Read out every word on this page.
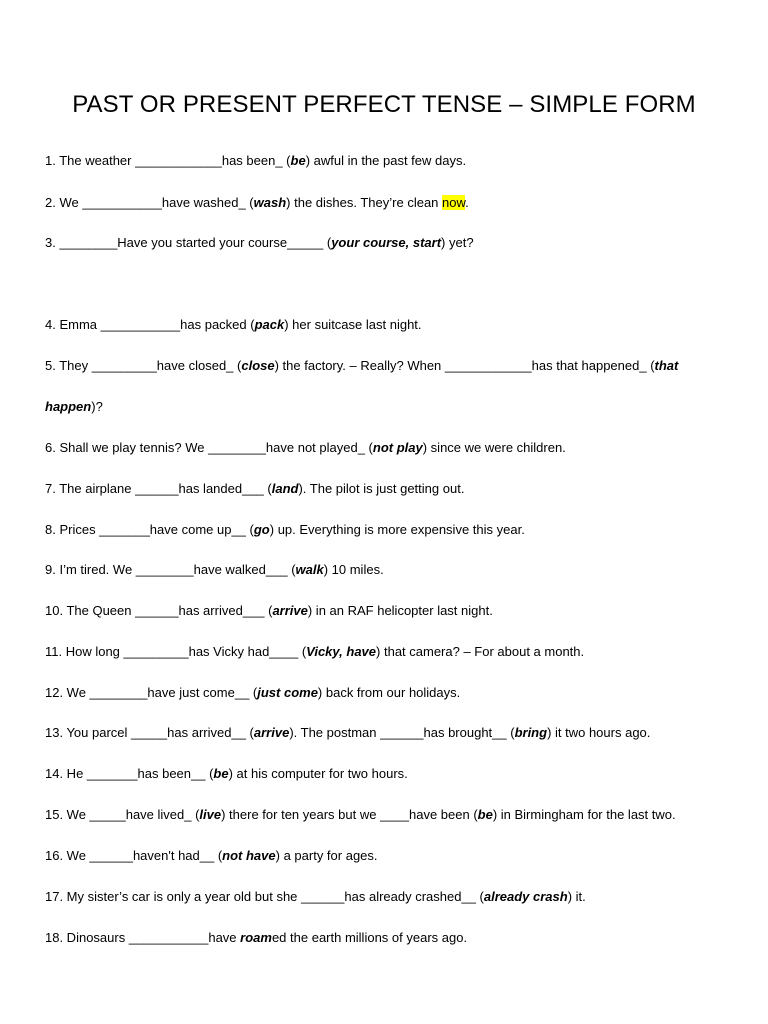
PAST OR PRESENT PERFECT TENSE – SIMPLE FORM
1. The weather ____________has been_ (be) awful in the past few days.
2. We ___________have washed_ (wash) the dishes. They’re clean now.
3. ________Have you started your course_____ (your course, start) yet?
4. Emma ___________has packed (pack) her suitcase last night.
5. They _________have closed_ (close) the factory. – Really? When ____________has that happened_ (that
happen)?
6. Shall we play tennis? We ________have not played_ (not play) since we were children.
7. The airplane ______has landed___ (land). The pilot is just getting out.
8. Prices _______have come up__ (go) up. Everything is more expensive this year.
9. I’m tired. We ________have walked___ (walk) 10 miles.
10. The Queen ______has arrived___ (arrive) in an RAF helicopter last night.
11. How long _________has Vicky had____ (Vicky, have) that camera? – For about a month.
12. We ________have just come__ (just come) back from our holidays.
13. You parcel _____has arrived__ (arrive). The postman ______has brought__ (bring) it two hours ago.
14. He _______has been__ (be) at his computer for two hours.
15. We _____have lived_ (live) there for ten years but we ____have been (be) in Birmingham for the last two.
16. We ______haven't had__ (not have) a party for ages.
17. My sister’s car is only a year old but she ______has already crashed__ (already crash) it.
18. Dinosaurs ___________have roamed the earth millions of years ago.
